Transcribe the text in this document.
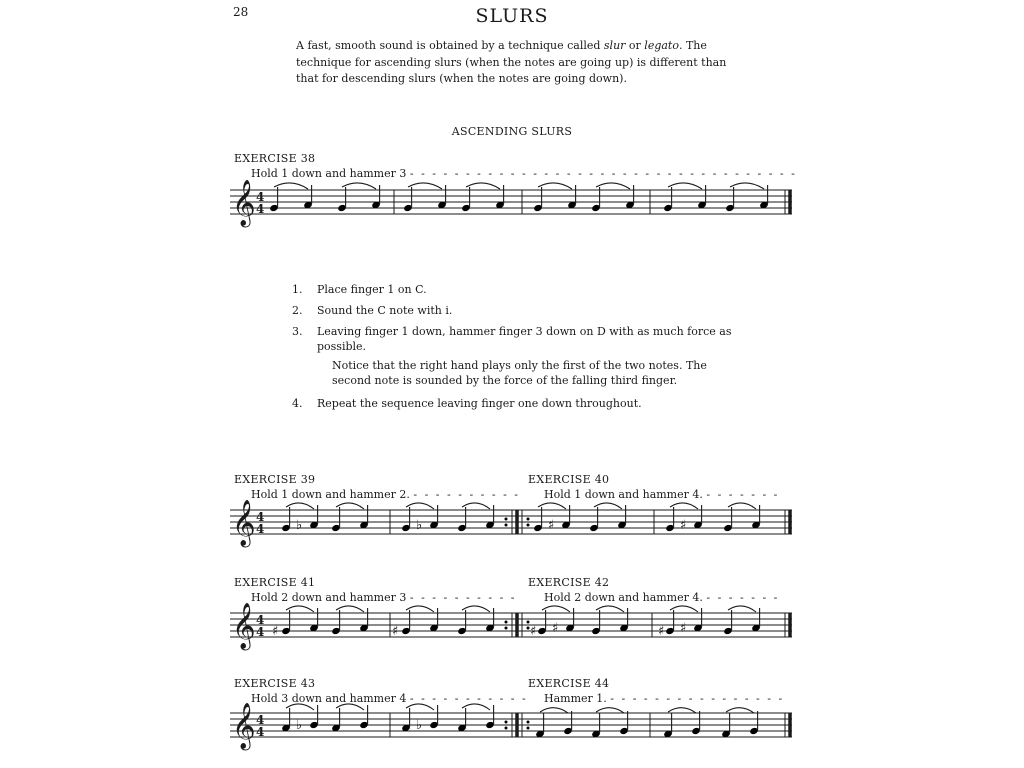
28	SLURS
A fast, smooth sound is obtained by a technique called slur or legato. The technique for ascending slurs (when the notes are going up) is different than that for descending slurs (when the notes are going down).
ASCENDING SLURS
EXERCISE 38
Hold 1 down and hammer 3 - - - - - - - - - - - - - - - - - - - - - - - - - - - - - - - - - - -
𝄞 4
4
1.	Place finger 1 on C.
2.	Sound the C note with i.
3.	Leaving finger 1 down, hammer finger 3 down on D with as much force as possible.
Notice that the right hand plays only the first of the two notes. The second note is sounded by the force of the falling third finger.
4.	Repeat the sequence leaving finger one down throughout.
EXERCISE 39
Hold 1 down and hammer 2. - - - - - - - - - -
EXERCISE 40
Hold 1 down and hammer 4. - - - - - - -
𝄞 4
4 ♭	♭	♯	♯
EXERCISE 41
Hold 2 down and hammer 3 - - - - - - - - - -
EXERCISE 42
Hold 2 down and hammer 4. - - - - - - -
𝄞 4
4 ♯	♯	♯ ♯	♯ ♯
EXERCISE 43
Hold 3 down and hammer 4 - - - - - - - - - - -
EXERCISE 44
Hammer 1. - - - - - - - - - - - - - - - -
𝄞 4
4 ♭	♭
